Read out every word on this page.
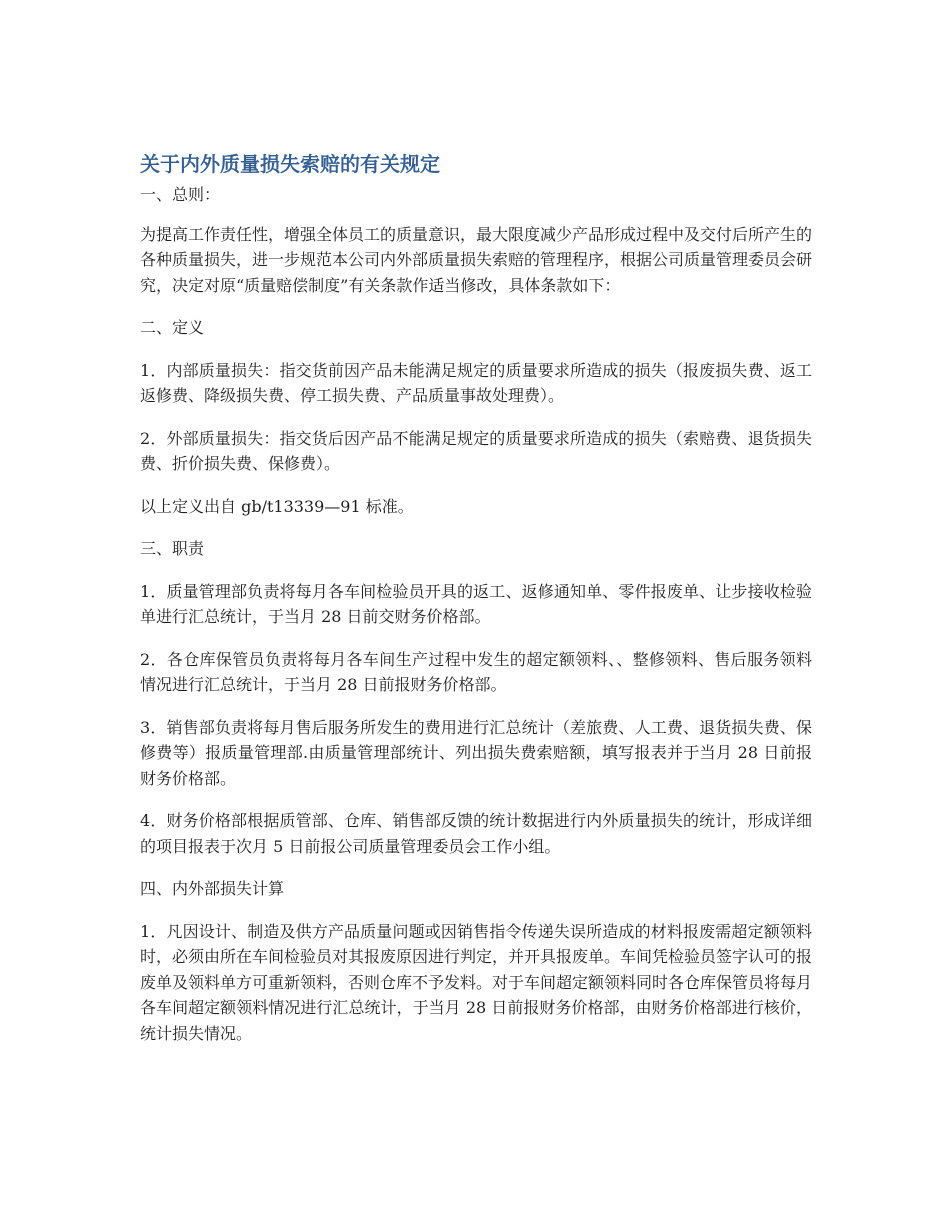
关于内外质量损失索赔的有关规定

一、总则：

为提高工作责任性，增强全体员工的质量意识，最大限度减少产品形成过程中及交付后所产生的各种质量损失，进一步规范本公司内外部质量损失索赔的管理程序，根据公司质量管理委员会研究，决定对原“质量赔偿制度”有关条款作适当修改，具体条款如下：

二、定义

1．内部质量损失：指交货前因产品未能满足规定的质量要求所造成的损失（报废损失费、返工返修费、降级损失费、停工损失费、产品质量事故处理费）。

2．外部质量损失：指交货后因产品不能满足规定的质量要求所造成的损失（索赔费、退货损失费、折价损失费、保修费）。

以上定义出自 gb/t13339—91 标准。

三、职责

1．质量管理部负责将每月各车间检验员开具的返工、返修通知单、零件报废单、让步接收检验单进行汇总统计，于当月 28 日前交财务价格部。

2．各仓库保管员负责将每月各车间生产过程中发生的超定额领料、、整修领料、售后服务领料情况进行汇总统计，于当月 28 日前报财务价格部。

3．销售部负责将每月售后服务所发生的费用进行汇总统计（差旅费、人工费、退货损失费、保修费等）报质量管理部.由质量管理部统计、列出损失费索赔额，填写报表并于当月 28 日前报财务价格部。

4．财务价格部根据质管部、仓库、销售部反馈的统计数据进行内外质量损失的统计，形成详细的项目报表于次月 5 日前报公司质量管理委员会工作小组。

四、内外部损失计算

1．凡因设计、制造及供方产品质量问题或因销售指令传递失误所造成的材料报废需超定额领料时，必须由所在车间检验员对其报废原因进行判定，并开具报废单。车间凭检验员签字认可的报废单及领料单方可重新领料，否则仓库不予发料。对于车间超定额领料同时各仓库保管员将每月各车间超定额领料情况进行汇总统计，于当月 28 日前报财务价格部，由财务价格部进行核价，统计损失情况。
